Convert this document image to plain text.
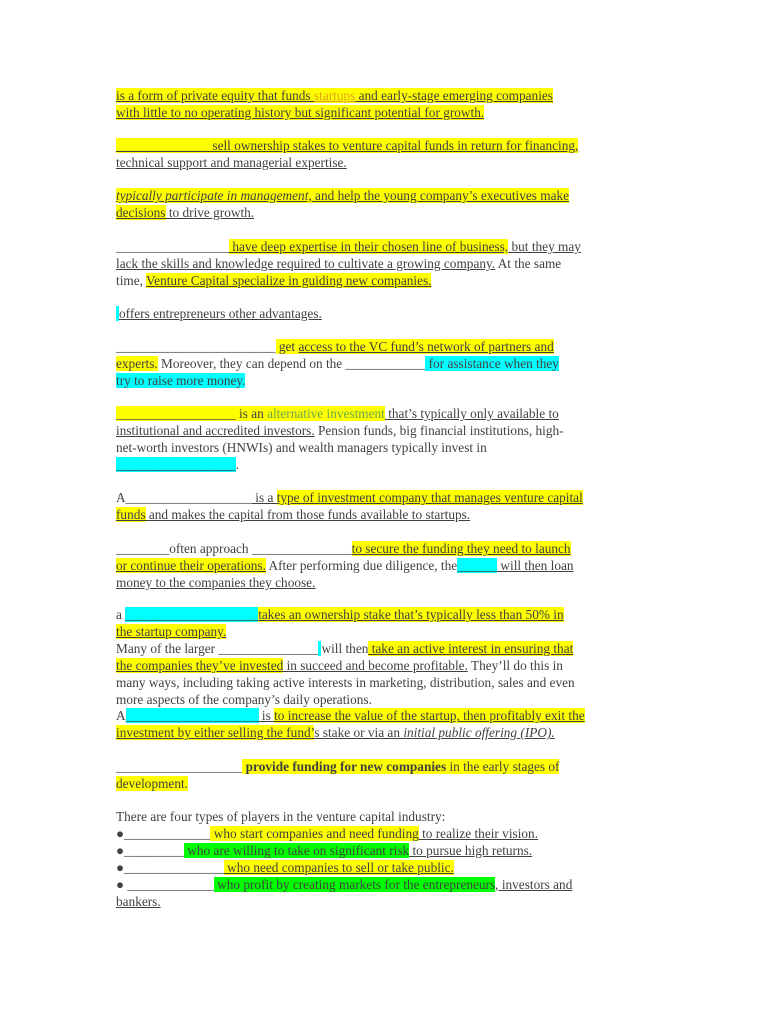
is a form of private equity that funds startups and early-stage emerging companies
with little to no operating history but significant potential for growth.
______________ sell ownership stakes to venture capital funds in return for financing,
technical support and managerial expertise.
typically participate in management, and help the young company’s executives make
decisions to drive growth.
_________________ have deep expertise in their chosen line of business, but they may
lack the skills and knowledge required to cultivate a growing company. At the same
time, Venture Capital specialize in guiding new companies.
offers entrepreneurs other advantages.
________________________ get access to the VC fund’s network of partners and
experts. Moreover, they can depend on the ____________ for assistance when they
try to raise more money.
__________________ is an alternative investment that’s typically only available to
institutional and accredited investors. Pension funds, big financial institutions, high-
net-worth investors (HNWIs) and wealth managers typically invest in
__________________.
A___________________ is a type of investment company that manages venture capital
funds and makes the capital from those funds available to startups.
________often approach _______________to secure the funding they need to launch
or continue their operations. After performing due diligence, the______ will then loan
money to the companies they choose.
a ____________________takes an ownership stake that’s typically less than 50% in
the startup company.
Many of the larger _______________ will then take an active interest in ensuring that
the companies they’ve invested in succeed and become profitable. They’ll do this in
many ways, including taking active interests in marketing, distribution, sales and even
more aspects of the company’s daily operations.
A____________________ is to increase the value of the startup, then profitably exit the
investment by either selling the fund’s stake or via an initial public offering (IPO).
___________________ provide funding for new companies in the early stages of
development.
There are four types of players in the venture capital industry:
●_____________ who start companies and need funding to realize their vision.
●_________ who are willing to take on significant risk to pursue high returns.
●_______________ who need companies to sell or take public.
● _____________ who profit by creating markets for the entrepreneurs, investors and
bankers.
